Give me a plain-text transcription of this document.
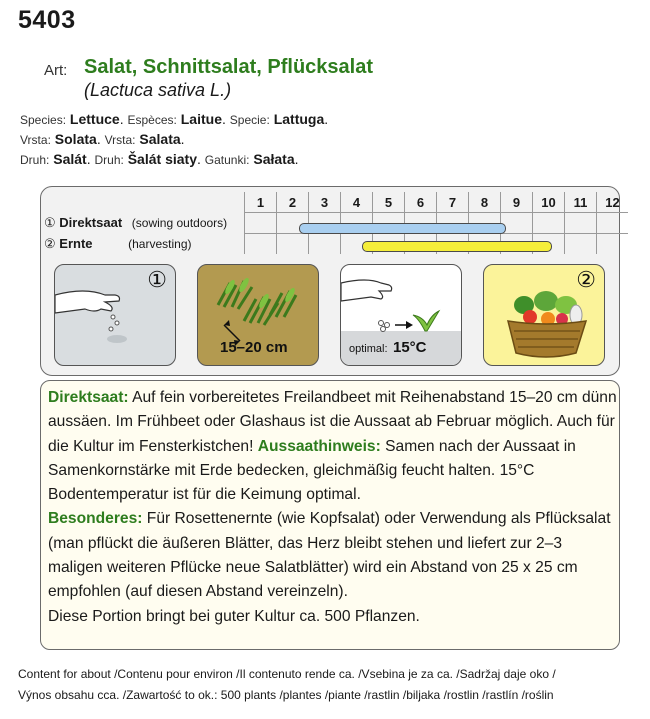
5403
Art: Salat, Schnittsalat, Pflücksalat
(Lactuca sativa L.)
Species: Lettuce. Espèces: Laitue. Specie: Lattuga.
Vrsta: Solata. Vrsta: Salata.
Druh: Salát. Druh: Šalát siaty. Gatunki: Sałata.
	1	2	3	4	5	6	7	8	9	10	11	12
① Direktsaat (sowing outdoors)												
② Ernte (harvesting)												
①
15–20 cm	optimal: 15°C
②

Direktsaat: Auf fein vorbereitetes Freilandbeet mit Reihenabstand 15–20 cm dünn aussäen. Im Frühbeet oder Glashaus ist die Aussaat ab Februar möglich. Auch für die Kultur im Fensterkistchen! Aussaathinweis: Samen nach der Aussaat in Samenkornstärke mit Erde bedecken, gleichmäßig feucht halten. 15°C Bodentemperatur ist für die Keimung optimal.

Besonderes: Für Rosettenernte (wie Kopfsalat) oder Verwendung als Pflücksalat (man pflückt die äußeren Blätter, das Herz bleibt stehen und liefert zur 2–3 maligen weiteren Pflücke neue Salatblätter) wird ein Abstand von 25 x 25 cm empfohlen (auf diesen Abstand vereinzeln).

Diese Portion bringt bei guter Kultur ca. 500 Pflanzen.

Content for about /Contenu pour environ /Il contenuto rende ca. /Vsebina je za ca. /Sadržaj daje oko /
Výnos obsahu cca. /Zawartość to ok.: 500 plants /plantes /piante /rastlin /biljaka /rostlin /rastlín /roślin
